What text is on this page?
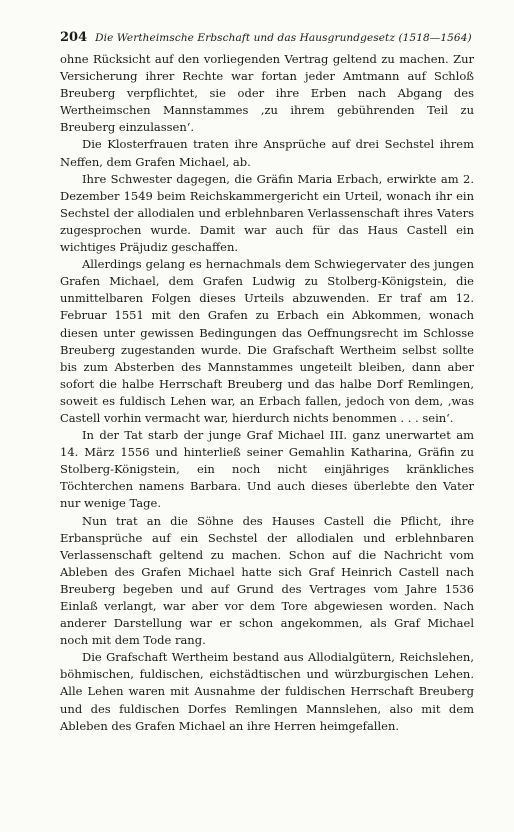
204 Die Wertheimsche Erbschaft und das Hausgrundgesetz (1518—1564)

ohne Rücksicht auf den vorliegenden Vertrag geltend zu machen. Zur Versicherung ihrer Rechte war fortan jeder Amtmann auf Schloß Breuberg verpflichtet, sie oder ihre Erben nach Abgang des Wertheimschen Mannstammes ‚zu ihrem gebührenden Teil zu Breuberg einzulassen‘.

Die Klosterfrauen traten ihre Ansprüche auf drei Sechstel ihrem Neffen, dem Grafen Michael, ab.

Ihre Schwester dagegen, die Gräfin Maria Erbach, erwirkte am 2. Dezember 1549 beim Reichskammergericht ein Urteil, wonach ihr ein Sechstel der allodialen und erblehnbaren Verlassenschaft ihres Vaters zugesprochen wurde. Damit war auch für das Haus Castell ein wichtiges Präjudiz geschaffen.

Allerdings gelang es hernachmals dem Schwiegervater des jungen Grafen Michael, dem Grafen Ludwig zu Stolberg-Königstein, die unmittelbaren Folgen dieses Urteils abzuwenden. Er traf am 12. Februar 1551 mit den Grafen zu Erbach ein Abkommen, wonach diesen unter gewissen Bedingungen das Oeffnungsrecht im Schlosse Breuberg zugestanden wurde. Die Grafschaft Wertheim selbst sollte bis zum Absterben des Mannstammes ungeteilt bleiben, dann aber sofort die halbe Herrschaft Breuberg und das halbe Dorf Remlingen, soweit es fuldisch Lehen war, an Erbach fallen, jedoch von dem, ‚was Castell vorhin vermacht war, hierdurch nichts benommen . . . sein‘.

In der Tat starb der junge Graf Michael III. ganz unerwartet am 14. März 1556 und hinterließ seiner Gemahlin Katharina, Gräfin zu Stolberg-Königstein, ein noch nicht einjähriges kränkliches Töchterchen namens Barbara. Und auch dieses überlebte den Vater nur wenige Tage.

Nun trat an die Söhne des Hauses Castell die Pflicht, ihre Erbansprüche auf ein Sechstel der allodialen und erblehnbaren Verlassenschaft geltend zu machen. Schon auf die Nachricht vom Ableben des Grafen Michael hatte sich Graf Heinrich Castell nach Breuberg begeben und auf Grund des Vertrages vom Jahre 1536 Einlaß verlangt, war aber vor dem Tore abgewiesen worden. Nach anderer Darstellung war er schon angekommen, als Graf Michael noch mit dem Tode rang.

Die Grafschaft Wertheim bestand aus Allodialgütern, Reichslehen, böhmischen, fuldischen, eichstädtischen und würzburgischen Lehen. Alle Lehen waren mit Ausnahme der fuldischen Herrschaft Breuberg und des fuldischen Dorfes Remlingen Mannslehen, also mit dem Ableben des Grafen Michael an ihre Herren heimgefallen.
